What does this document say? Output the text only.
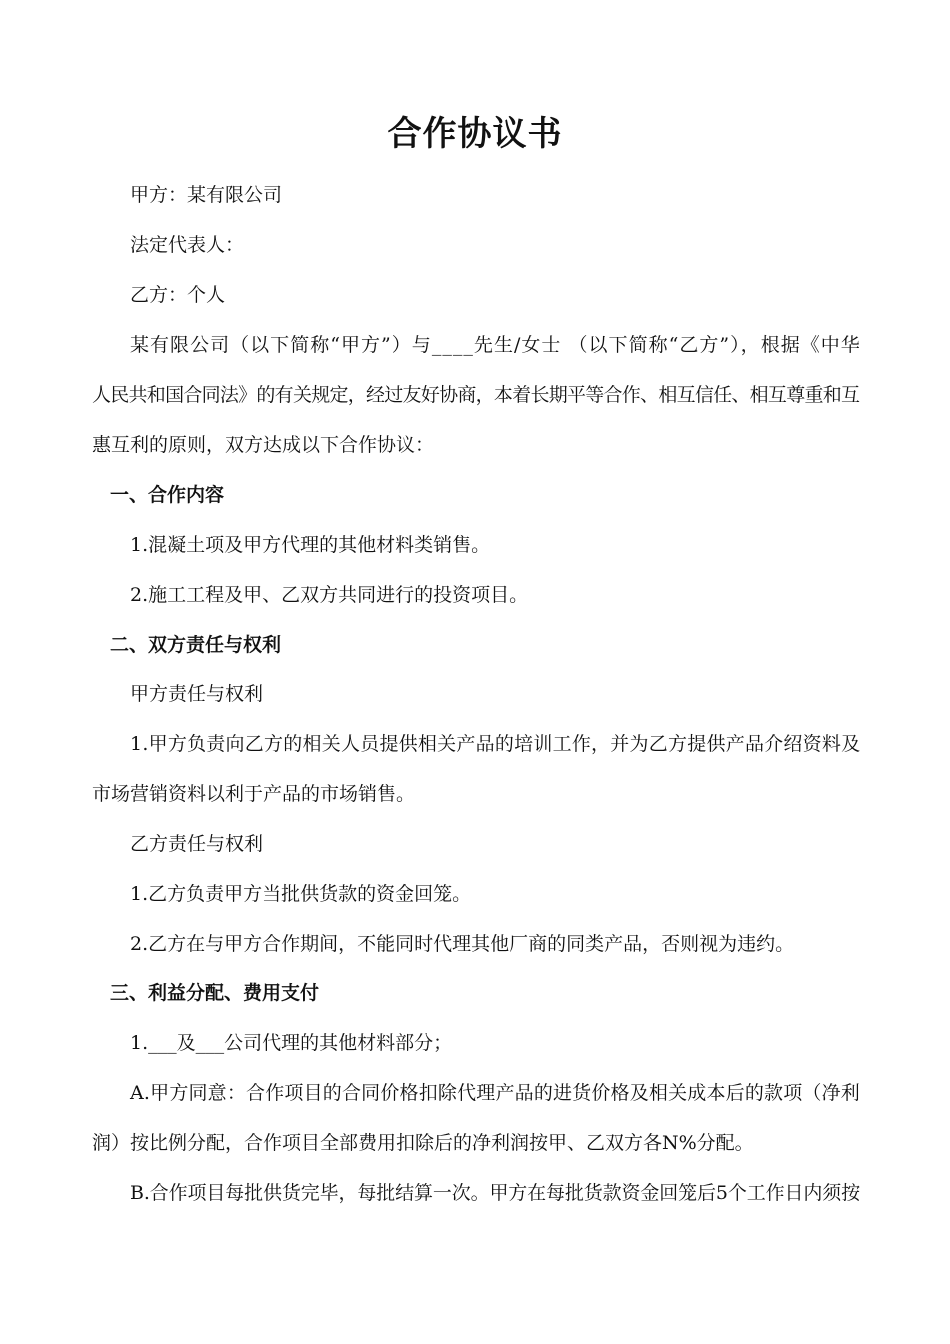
合作协议书

甲方：某有限公司

法定代表人：

乙方：个人

某有限公司（以下简称“甲方”）与____先生/女士 （以下简称“乙方”），根据《中华

人民共和国合同法》的有关规定，经过友好协商，本着长期平等合作、相互信任、相互尊重和互

惠互利的原则，双方达成以下合作协议：

一、合作内容

1.混凝土项及甲方代理的其他材料类销售。

2.施工工程及甲、乙双方共同进行的投资项目。

二、双方责任与权利

甲方责任与权利

1.甲方负责向乙方的相关人员提供相关产品的培训工作，并为乙方提供产品介绍资料及

市场营销资料以利于产品的市场销售。

乙方责任与权利

1.乙方负责甲方当批供货款的资金回笼。

2.乙方在与甲方合作期间，不能同时代理其他厂商的同类产品，否则视为违约。

三、利益分配、费用支付

1.___及___公司代理的其他材料部分；

A.甲方同意：合作项目的合同价格扣除代理产品的进货价格及相关成本后的款项（净利

润）按比例分配，合作项目全部费用扣除后的净利润按甲、乙双方各N%分配。

B.合作项目每批供货完毕，每批结算一次。甲方在每批货款资金回笼后5个工作日内须按
